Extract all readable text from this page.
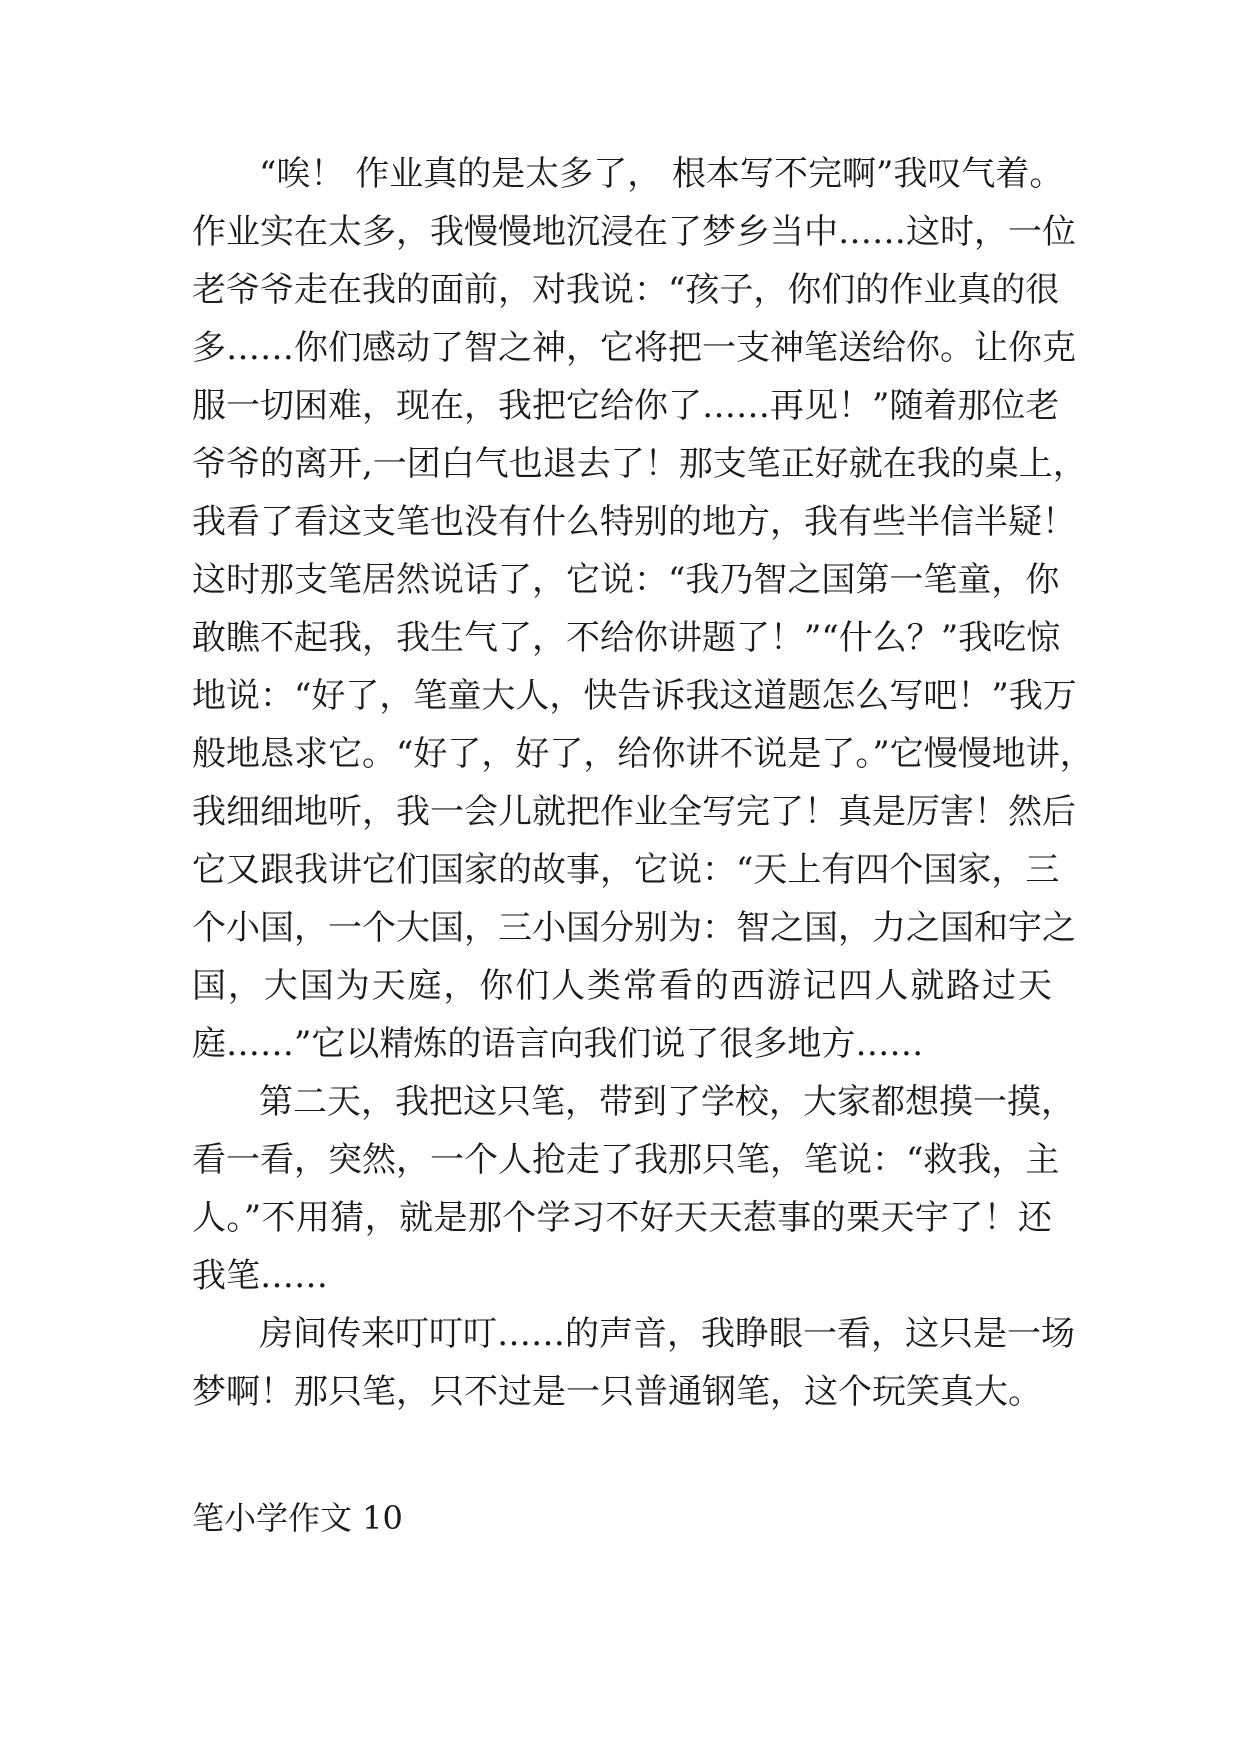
“唉！ 作业真的是太多了， 根本写不完啊”我叹气着。
作业实在太多，我慢慢地沉浸在了梦乡当中……这时，一位
老爷爷走在我的面前，对我说：“孩子，你们的作业真的很
多……你们感动了智之神，它将把一支神笔送给你。让你克
服一切困难，现在，我把它给你了……再见！”随着那位老
爷爷的离开,一团白气也退去了！那支笔正好就在我的桌上，
我看了看这支笔也没有什么特别的地方，我有些半信半疑！
这时那支笔居然说话了，它说：“我乃智之国第一笔童，你
敢瞧不起我，我生气了，不给你讲题了！”“什么？”我吃惊
地说：“好了，笔童大人，快告诉我这道题怎么写吧！”我万
般地恳求它。“好了，好了，给你讲不说是了。”它慢慢地讲，
我细细地听，我一会儿就把作业全写完了！真是厉害！然后
它又跟我讲它们国家的故事，它说：“天上有四个国家，三
个小国，一个大国，三小国分别为：智之国，力之国和宇之
国，大国为天庭，你们人类常看的西游记四人就路过天
庭……”它以精炼的语言向我们说了很多地方……
第二天，我把这只笔，带到了学校，大家都想摸一摸，
看一看，突然，一个人抢走了我那只笔，笔说：“救我，主
人。”不用猜，就是那个学习不好天天惹事的栗天宇了！还
我笔……
房间传来叮叮叮……的声音，我睁眼一看，这只是一场
梦啊！那只笔，只不过是一只普通钢笔，这个玩笑真大。
笔小学作文 10
